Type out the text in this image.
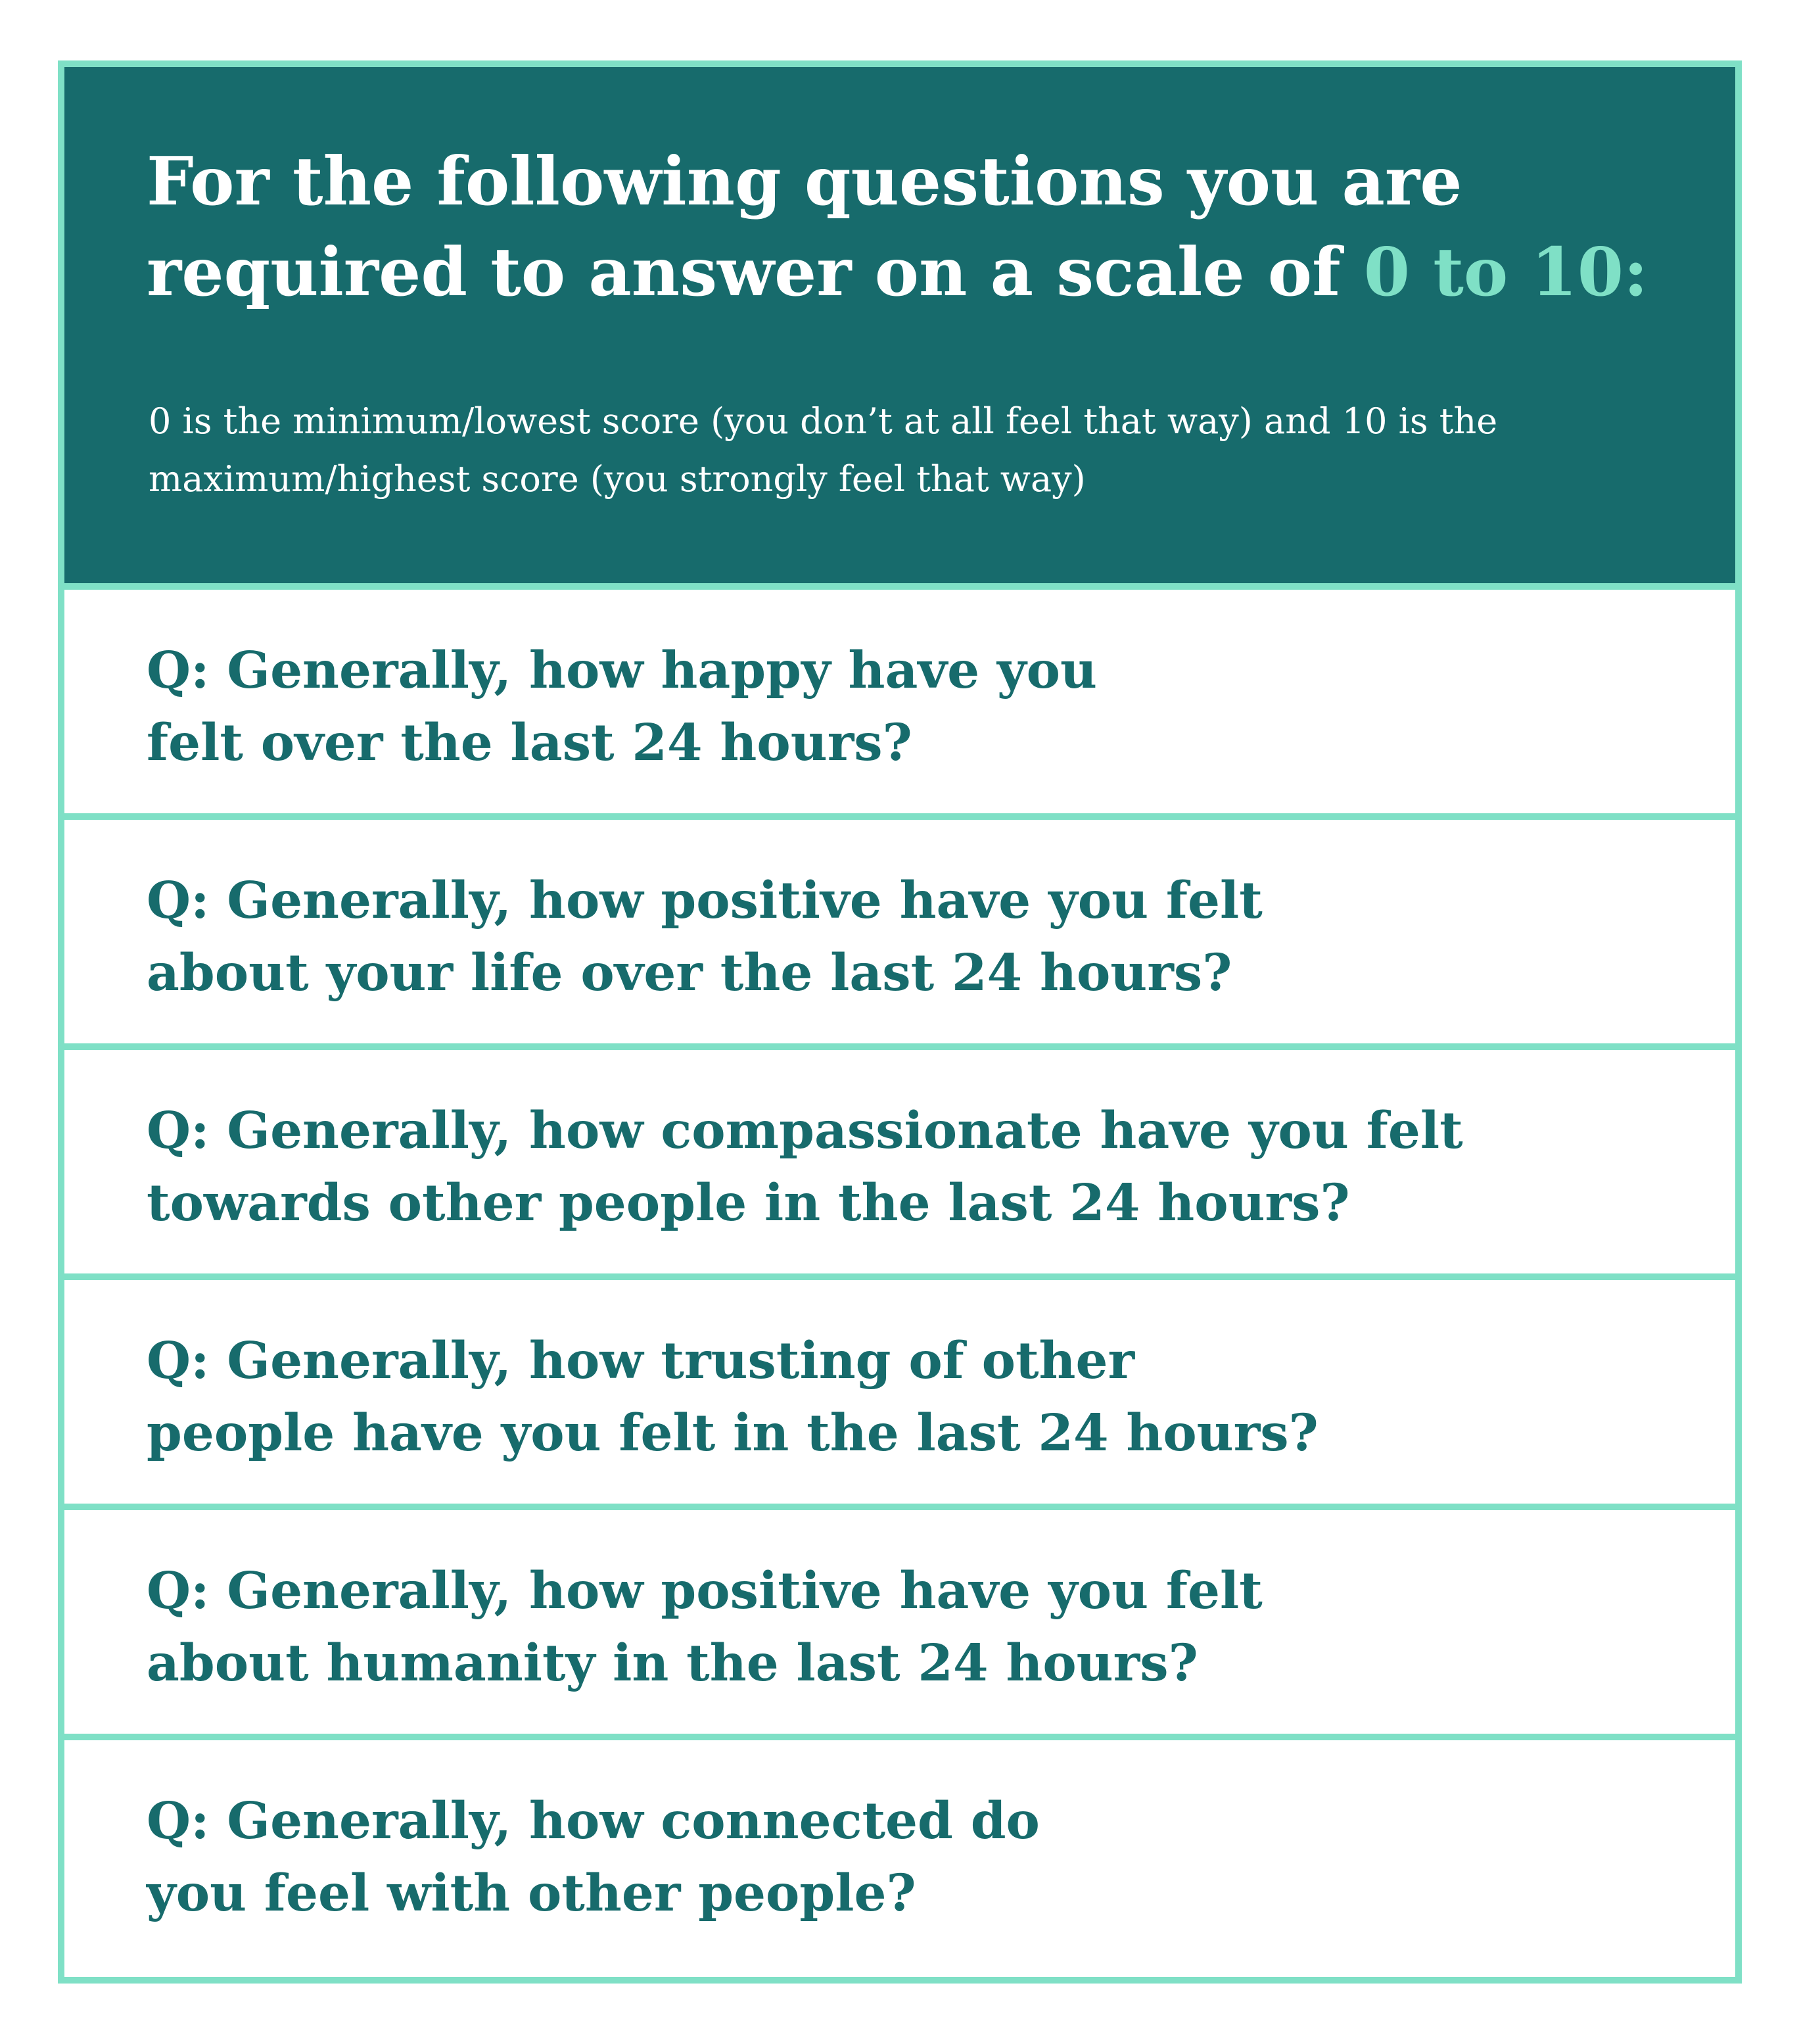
For the following questions you are
required to answer on a scale of 0 to 10:

0 is the minimum/lowest score (you don’t at all feel that way) and 10 is the
maximum/highest score (you strongly feel that way)

Q: Generally, how happy have you
felt over the last 24 hours?

Q: Generally, how positive have you felt
about your life over the last 24 hours?

Q: Generally, how compassionate have you felt
towards other people in the last 24 hours?

Q: Generally, how trusting of other
people have you felt in the last 24 hours?

Q: Generally, how positive have you felt
about humanity in the last 24 hours?

Q: Generally, how connected do
you feel with other people?
